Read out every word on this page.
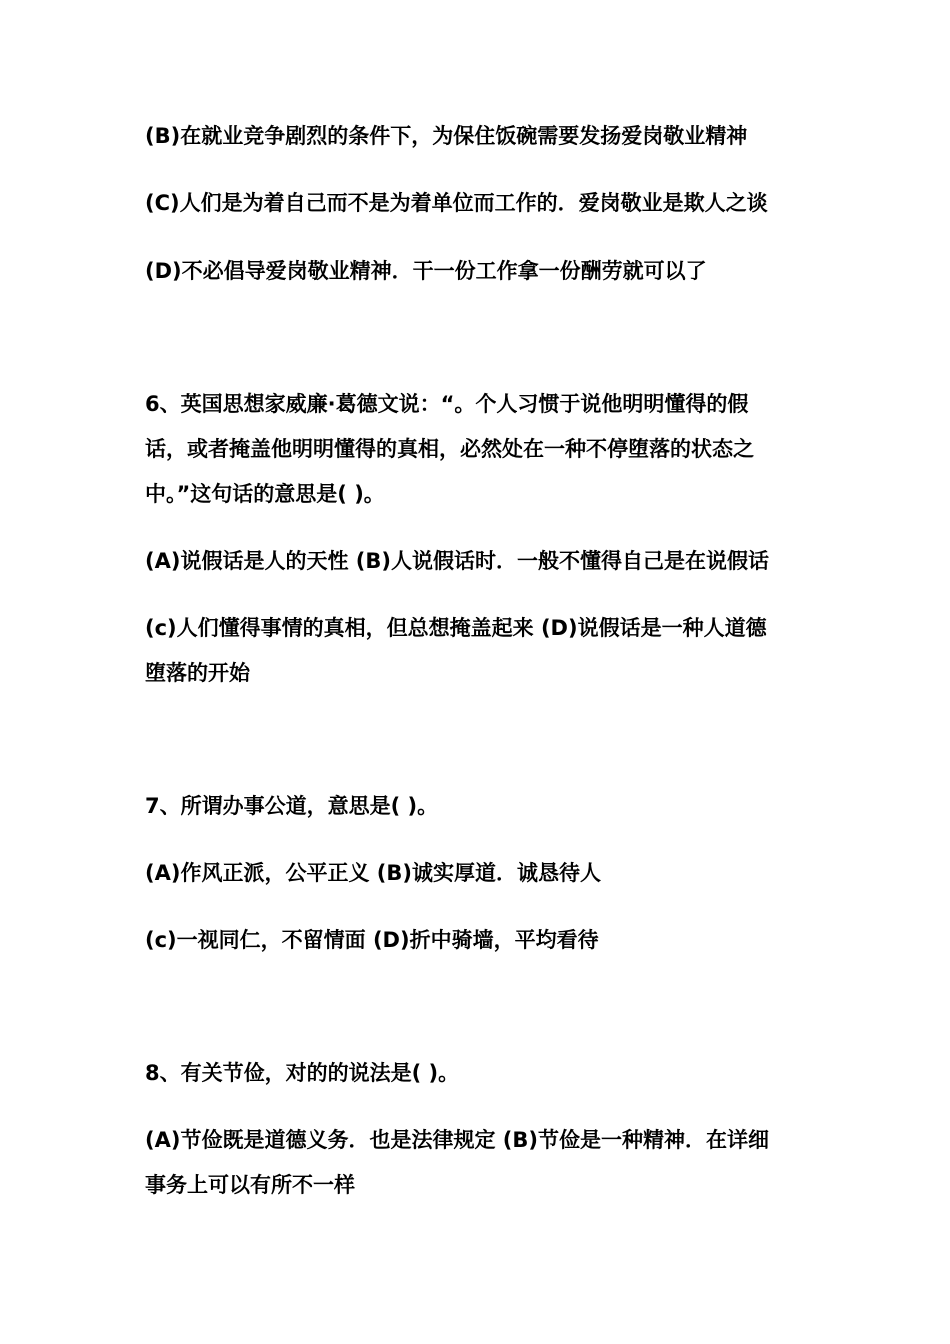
(B)在就业竞争剧烈的条件下，为保住饭碗需要发扬爱岗敬业精神
(C)人们是为着自己而不是为着单位而工作的．爱岗敬业是欺人之谈
(D)不必倡导爱岗敬业精神．干一份工作拿一份酬劳就可以了
6、英国思想家威廉·葛德文说：“。个人习惯于说他明明懂得的假
话，或者掩盖他明明懂得的真相，必然处在一种不停堕落的状态之
中。”这句话的意思是( )。
(A)说假话是人的天性 (B)人说假话时．一般不懂得自己是在说假话
(c)人们懂得事情的真相，但总想掩盖起来 (D)说假话是一种人道德
堕落的开始
7、所谓办事公道，意思是( )。
(A)作风正派，公平正义 (B)诚实厚道．诚恳待人
(c)一视同仁，不留情面 (D)折中骑墙，平均看待
8、有关节俭，对的的说法是( )。
(A)节俭既是道德义务．也是法律规定 (B)节俭是一种精神．在详细
事务上可以有所不一样
